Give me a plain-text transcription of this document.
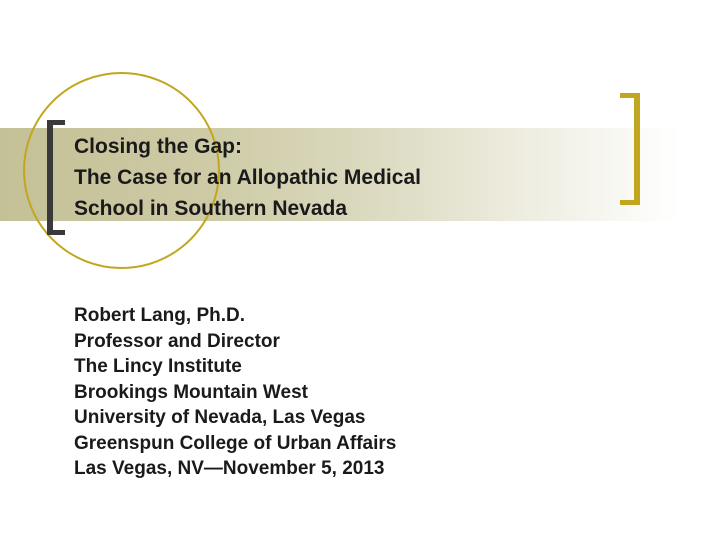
Closing the Gap:
The Case for an Allopathic Medical
School in Southern Nevada
Robert Lang, Ph.D.
Professor and Director
The Lincy Institute
Brookings Mountain West
University of Nevada, Las Vegas
Greenspun College of Urban Affairs
Las Vegas, NV—November 5, 2013
